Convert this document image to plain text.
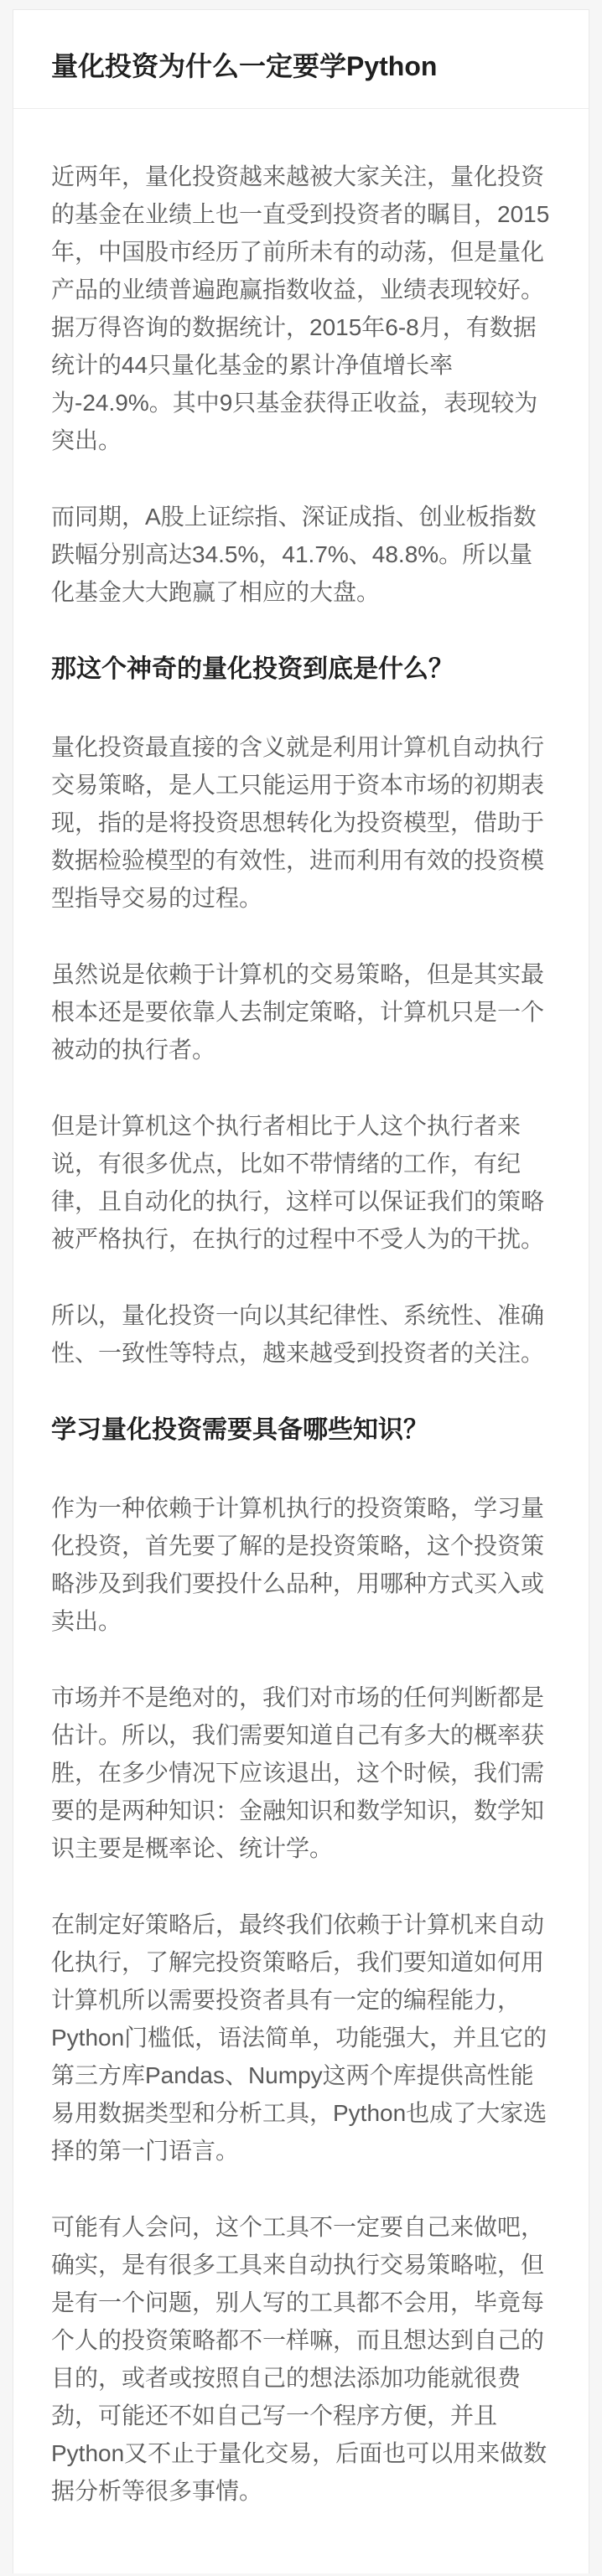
量化投资为什么一定要学Python

近两年，量化投资越来越被大家关注，量化投资的基金在业绩上也一直受到投资者的瞩目，2015年，中国股市经历了前所未有的动荡，但是量化产品的业绩普遍跑赢指数收益，业绩表现较好。据万得咨询的数据统计，2015年6-8月，有数据统计的44只量化基金的累计净值增长率为-24.9%。其中9只基金获得正收益，表现较为突出。

而同期，A股上证综指、深证成指、创业板指数跌幅分别高达34.5%，41.7%、48.8%。所以量化基金大大跑赢了相应的大盘。

那这个神奇的量化投资到底是什么？

量化投资最直接的含义就是利用计算机自动执行交易策略，是人工只能运用于资本市场的初期表现，指的是将投资思想转化为投资模型，借助于数据检验模型的有效性，进而利用有效的投资模型指导交易的过程。

虽然说是依赖于计算机的交易策略，但是其实最根本还是要依靠人去制定策略，计算机只是一个被动的执行者。

但是计算机这个执行者相比于人这个执行者来说，有很多优点，比如不带情绪的工作，有纪律，且自动化的执行，这样可以保证我们的策略被严格执行，在执行的过程中不受人为的干扰。

所以，量化投资一向以其纪律性、系统性、准确性、一致性等特点，越来越受到投资者的关注。

学习量化投资需要具备哪些知识？

作为一种依赖于计算机执行的投资策略，学习量化投资，首先要了解的是投资策略，这个投资策略涉及到我们要投什么品种，用哪种方式买入或卖出。

市场并不是绝对的，我们对市场的任何判断都是估计。所以，我们需要知道自己有多大的概率获胜，在多少情况下应该退出，这个时候，我们需要的是两种知识：金融知识和数学知识，数学知识主要是概率论、统计学。

在制定好策略后，最终我们依赖于计算机来自动化执行，了解完投资策略后，我们要知道如何用计算机所以需要投资者具有一定的编程能力，Python门槛低，语法简单，功能强大，并且它的第三方库Pandas、Numpy这两个库提供高性能易用数据类型和分析工具，Python也成了大家选择的第一门语言。

可能有人会问，这个工具不一定要自己来做吧，确实，是有很多工具来自动执行交易策略啦，但是有一个问题，别人写的工具都不会用，毕竟每个人的投资策略都不一样嘛，而且想达到自己的目的，或者或按照自己的想法添加功能就很费劲，可能还不如自己写一个程序方便，并且Python又不止于量化交易，后面也可以用来做数据分析等很多事情。
